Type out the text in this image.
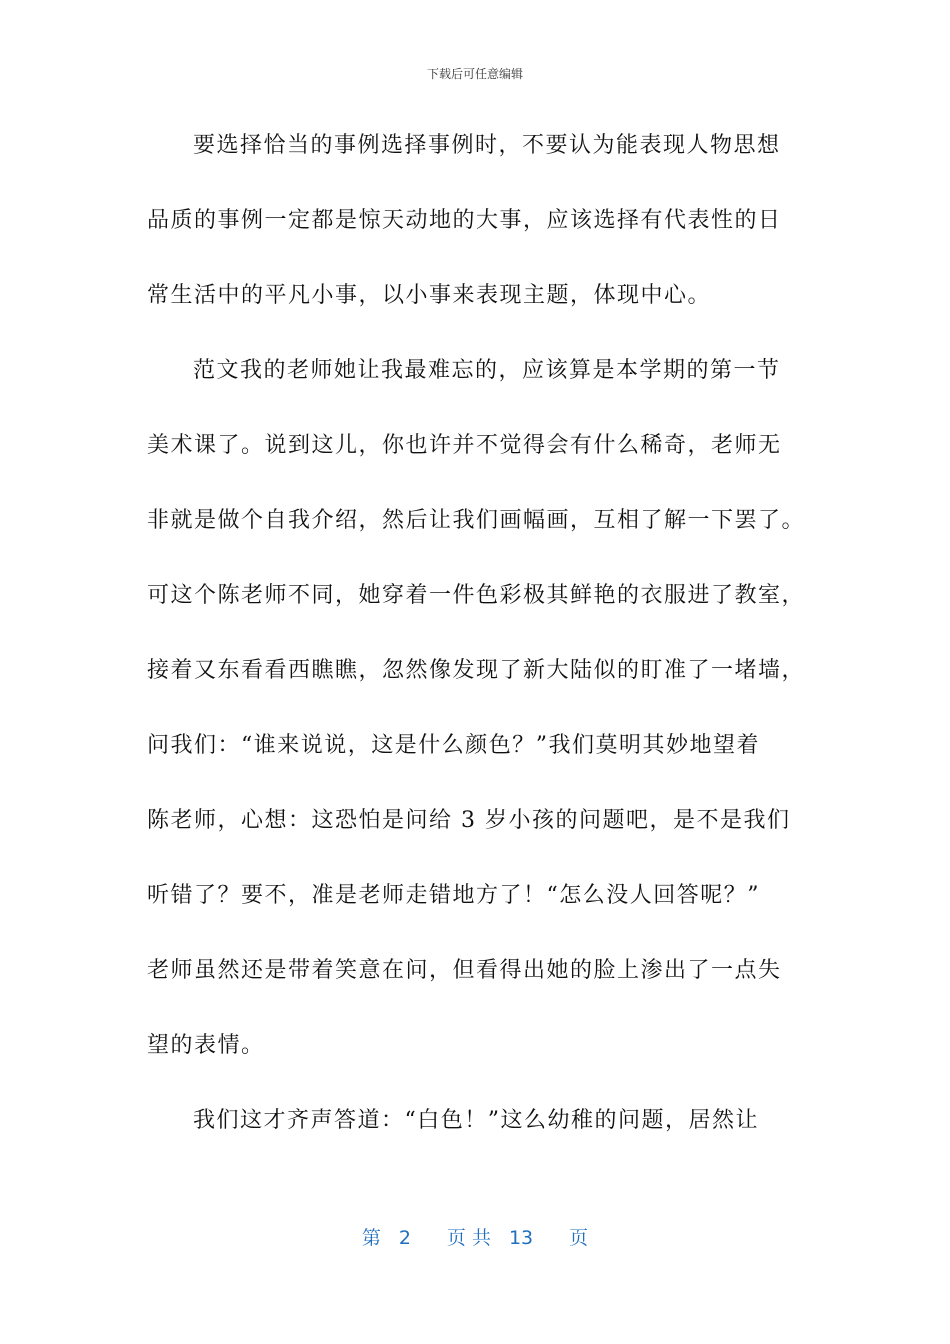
下载后可任意编辑
要选择恰当的事例选择事例时，不要认为能表现人物思想
品质的事例一定都是惊天动地的大事，应该选择有代表性的日
常生活中的平凡小事，以小事来表现主题，体现中心。
范文我的老师她让我最难忘的，应该算是本学期的第一节
美术课了。说到这儿，你也许并不觉得会有什么稀奇，老师无
非就是做个自我介绍，然后让我们画幅画，互相了解一下罢了。
可这个陈老师不同，她穿着一件色彩极其鲜艳的衣服进了教室，
接着又东看看西瞧瞧，忽然像发现了新大陆似的盯准了一堵墙，
问我们：“谁来说说，这是什么颜色？”我们莫明其妙地望着
陈老师，心想：这恐怕是问给 3 岁小孩的问题吧，是不是我们
听错了？要不，准是老师走错地方了！“怎么没人回答呢？”
老师虽然还是带着笑意在问，但看得出她的脸上渗出了一点失
望的表情。
我们这才齐声答道：“白色！”这么幼稚的问题，居然让
第 2 页 共 13 页
